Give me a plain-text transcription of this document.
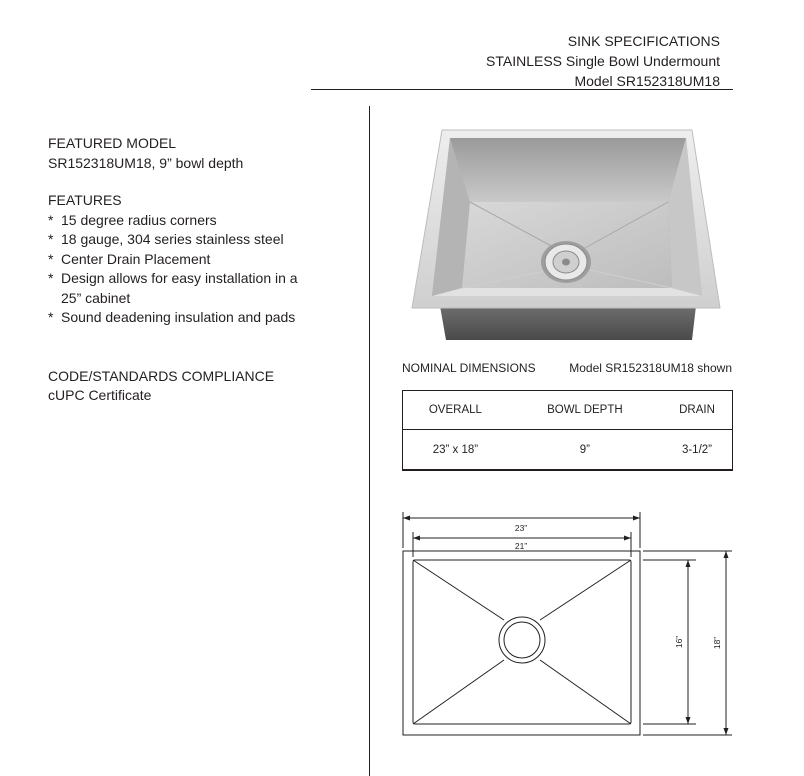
SINK SPECIFICATIONS
STAINLESS Single Bowl Undermount
Model SR152318UM18
FEATURED MODEL
SR152318UM18, 9” bowl depth
FEATURES
* 15 degree radius corners
* 18 gauge, 304 series stainless steel
* Center Drain Placement
* Design allows for easy installation in a 25” cabinet
* Sound deadening insulation and pads
CODE/STANDARDS COMPLIANCE
cUPC Certificate
NOMINAL DIMENSIONS	Model SR152318UM18 shown
OVERALL	BOWL DEPTH	DRAIN
23” x 18”	9”	3-1/2”
23”
21”
16”	18”
